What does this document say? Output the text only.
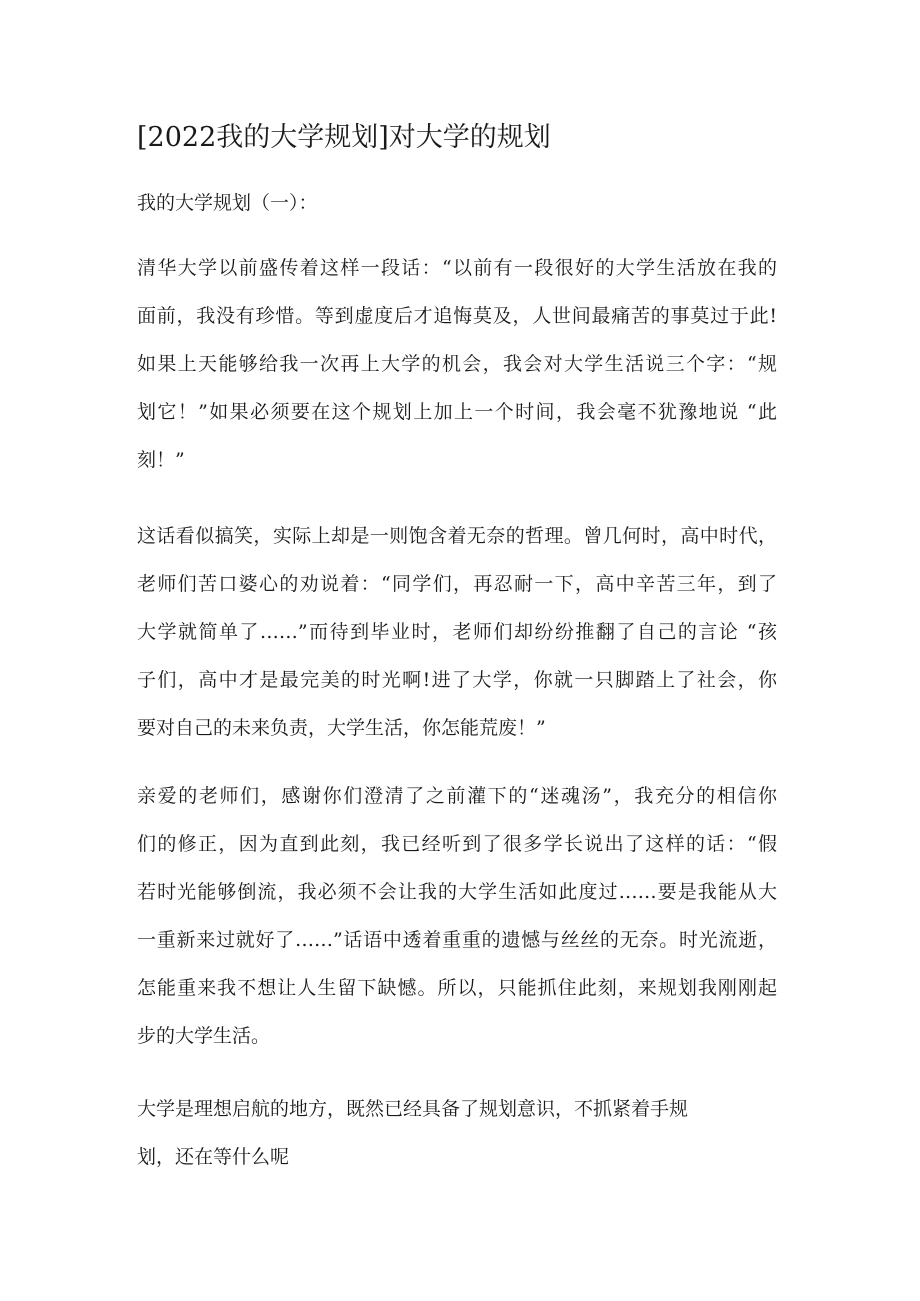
[2022我的大学规划]对大学的规划

我的大学规划（一）：

清华大学以前盛传着这样一段话：“以前有一段很好的大学生活放在我的
面前，我没有珍惜。等到虚度后才追悔莫及，人世间最痛苦的事莫过于此!
如果上天能够给我一次再上大学的机会，我会对大学生活说三个字：“规
划它！”如果必须要在这个规划上加上一个时间，我会毫不犹豫地说 “此
刻！”
这话看似搞笑，实际上却是一则饱含着无奈的哲理。曾几何时，高中时代，
老师们苦口婆心的劝说着：“同学们，再忍耐一下，高中辛苦三年，到了
大学就简单了……”而待到毕业时，老师们却纷纷推翻了自己的言论 “孩
子们，高中才是最完美的时光啊!进了大学，你就一只脚踏上了社会，你
要对自己的未来负责，大学生活，你怎能荒废！”
亲爱的老师们，感谢你们澄清了之前灌下的“迷魂汤”，我充分的相信你
们的修正，因为直到此刻，我已经听到了很多学长说出了这样的话：“假
若时光能够倒流，我必须不会让我的大学生活如此度过……要是我能从大
一重新来过就好了……”话语中透着重重的遗憾与丝丝的无奈。时光流逝，
怎能重来我不想让人生留下缺憾。所以，只能抓住此刻，来规划我刚刚起
步的大学生活。
大学是理想启航的地方，既然已经具备了规划意识，不抓紧着手规
划，还在等什么呢
